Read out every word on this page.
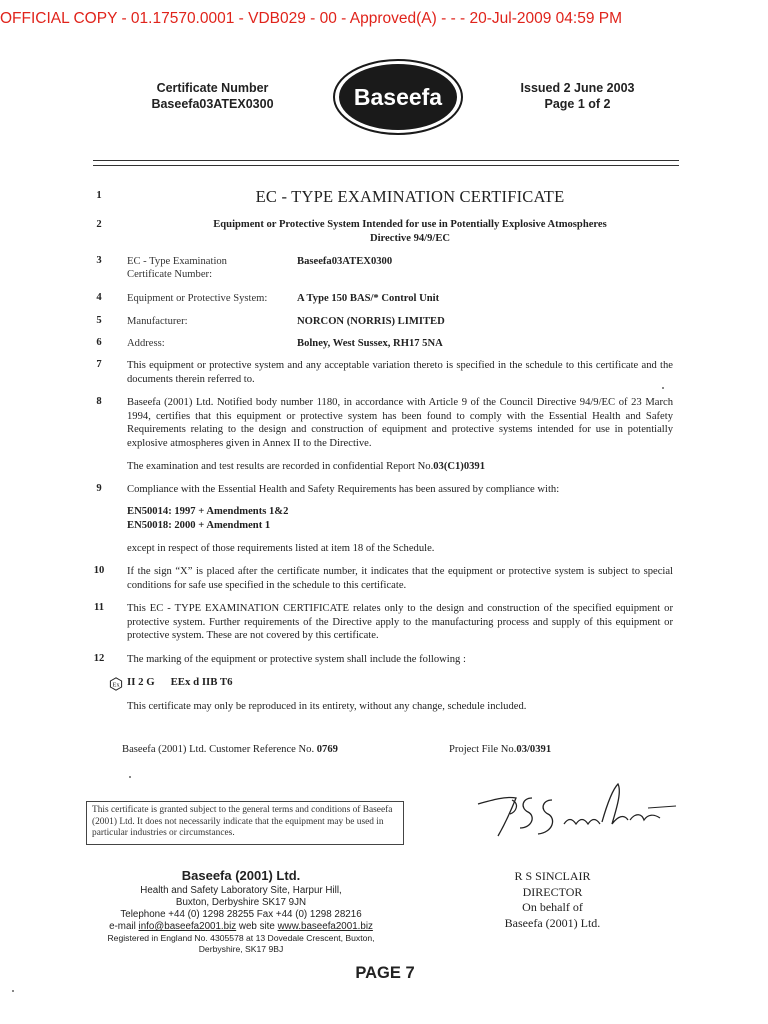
OFFICIAL COPY - 01.17570.0001 - VDB029 - 00 - Approved(A) - - - 20-Jul-2009 04:59 PM
Certificate Number
Baseefa03ATEX0300	Baseefa	Issued 2 June 2003
Page 1 of 2
1	EC - TYPE EXAMINATION CERTIFICATE
2	Equipment or Protective System Intended for use in Potentially Explosive Atmospheres
Directive 94/9/EC
3	EC - Type Examination
Certificate Number:
Baseefa03ATEX0300
4	Equipment or Protective System:	A Type 150 BAS/* Control Unit
5	Manufacturer:	NORCON (NORRIS) LIMITED
6	Address:	Bolney, West Sussex, RH17 5NA
7	This equipment or protective system and any acceptable variation thereto is specified in the schedule to this certificate and the documents therein referred to.
8	Baseefa (2001) Ltd. Notified body number 1180, in accordance with Article 9 of the Council Directive 94/9/EC of 23 March 1994, certifies that this equipment or protective system has been found to comply with the Essential Health and Safety Requirements relating to the design and construction of equipment and protective systems intended for use in potentially explosive atmospheres given in Annex II to the Directive.
The examination and test results are recorded in confidential Report No.03(C1)0391
9	Compliance with the Essential Health and Safety Requirements has been assured by compliance with:
EN50014: 1997 + Amendments 1&2
EN50018: 2000 + Amendment 1
except in respect of those requirements listed at item 18 of the Schedule.
10	If the sign “X” is placed after the certificate number, it indicates that the equipment or protective system is subject to special conditions for safe use specified in the schedule to this certificate.
11	This EC - TYPE EXAMINATION CERTIFICATE relates only to the design and construction of the specified equipment or protective system. Further requirements of the Directive apply to the manufacturing process and supply of this equipment or protective system. These are not covered by this certificate.
12	The marking of the equipment or protective system shall include the following :
Ex II 2 G EEx d IIB T6
This certificate may only be reproduced in its entirety, without any change, schedule included.
Baseefa (2001) Ltd. Customer Reference No. 0769	Project File No.03/0391
This certificate is granted subject to the general terms and conditions of Baseefa (2001) Ltd. It does not necessarily indicate that the equipment may be used in particular industries or circumstances.
Baseefa (2001) Ltd.
Health and Safety Laboratory Site, Harpur Hill,
Buxton, Derbyshire SK17 9JN
Telephone +44 (0) 1298 28255 Fax +44 (0) 1298 28216
e-mail info@baseefa2001.biz web site www.baseefa2001.biz
Registered in England No. 4305578 at 13 Dovedale Crescent, Buxton,
Derbyshire, SK17 9BJ
R S SINCLAIR
DIRECTOR
On behalf of
Baseefa (2001) Ltd.
PAGE 7
